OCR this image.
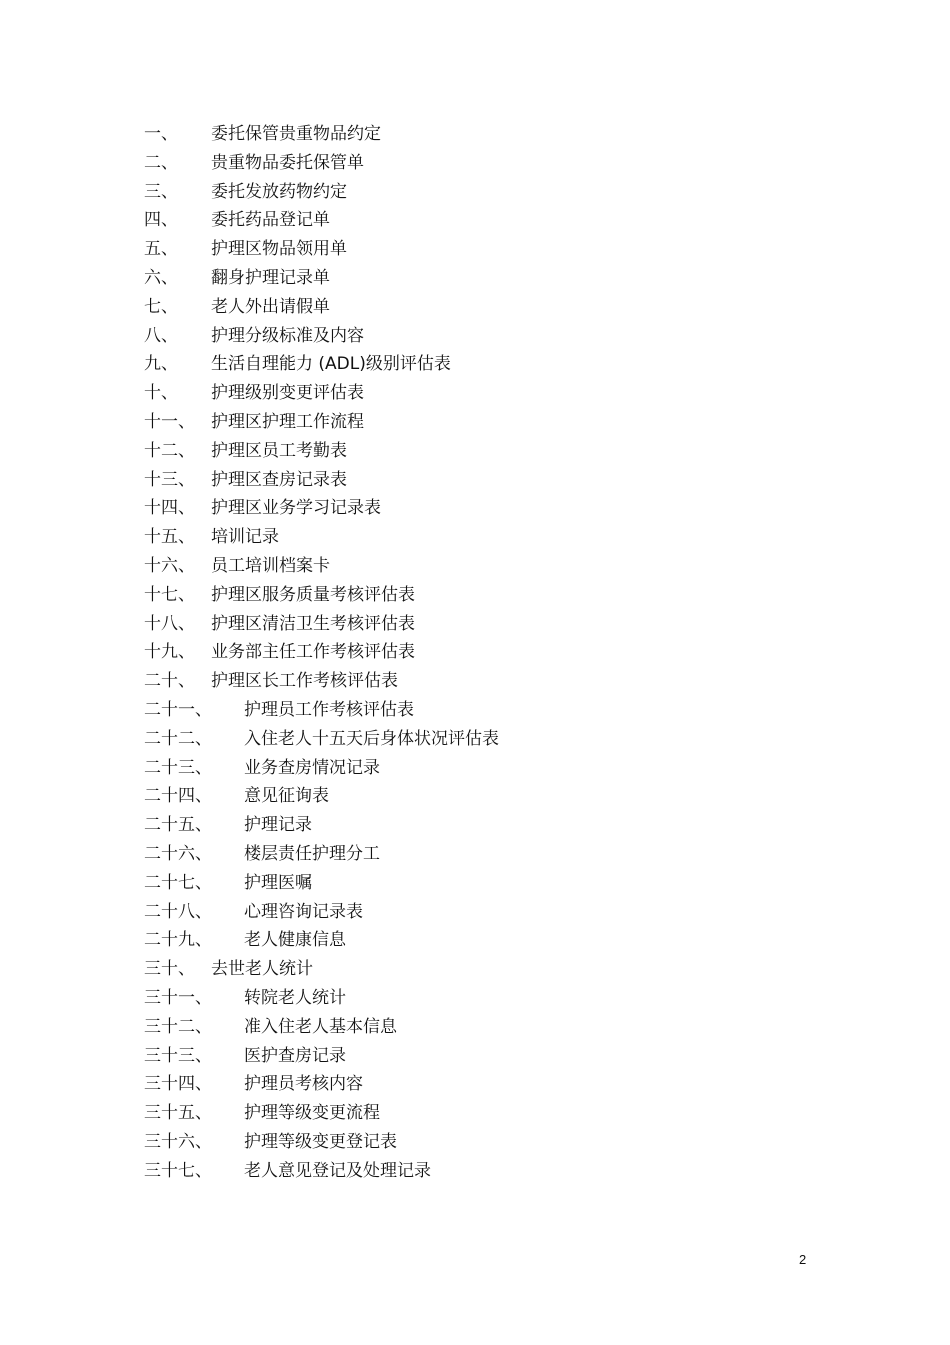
一、 委托保管贵重物品约定
二、 贵重物品委托保管单
三、 委托发放药物约定
四、 委托药品登记单
五、 护理区物品领用单
六、 翻身护理记录单
七、 老人外出请假单
八、 护理分级标准及内容
九、 生活自理能力 (ADL)级别评估表
十、 护理级别变更评估表
十一、 护理区护理工作流程
十二、 护理区员工考勤表
十三、 护理区查房记录表
十四、 护理区业务学习记录表
十五、 培训记录
十六、 员工培训档案卡
十七、 护理区服务质量考核评估表
十八、 护理区清洁卫生考核评估表
十九、 业务部主任工作考核评估表
二十、 护理区长工作考核评估表
二十一、 护理员工作考核评估表
二十二、 入住老人十五天后身体状况评估表
二十三、 业务查房情况记录
二十四、 意见征询表
二十五、 护理记录
二十六、 楼层责任护理分工
二十七、 护理医嘱
二十八、 心理咨询记录表
二十九、 老人健康信息
三十、 去世老人统计
三十一、 转院老人统计
三十二、 准入住老人基本信息
三十三、 医护查房记录
三十四、 护理员考核内容
三十五、 护理等级变更流程
三十六、 护理等级变更登记表
三十七、 老人意见登记及处理记录
2
